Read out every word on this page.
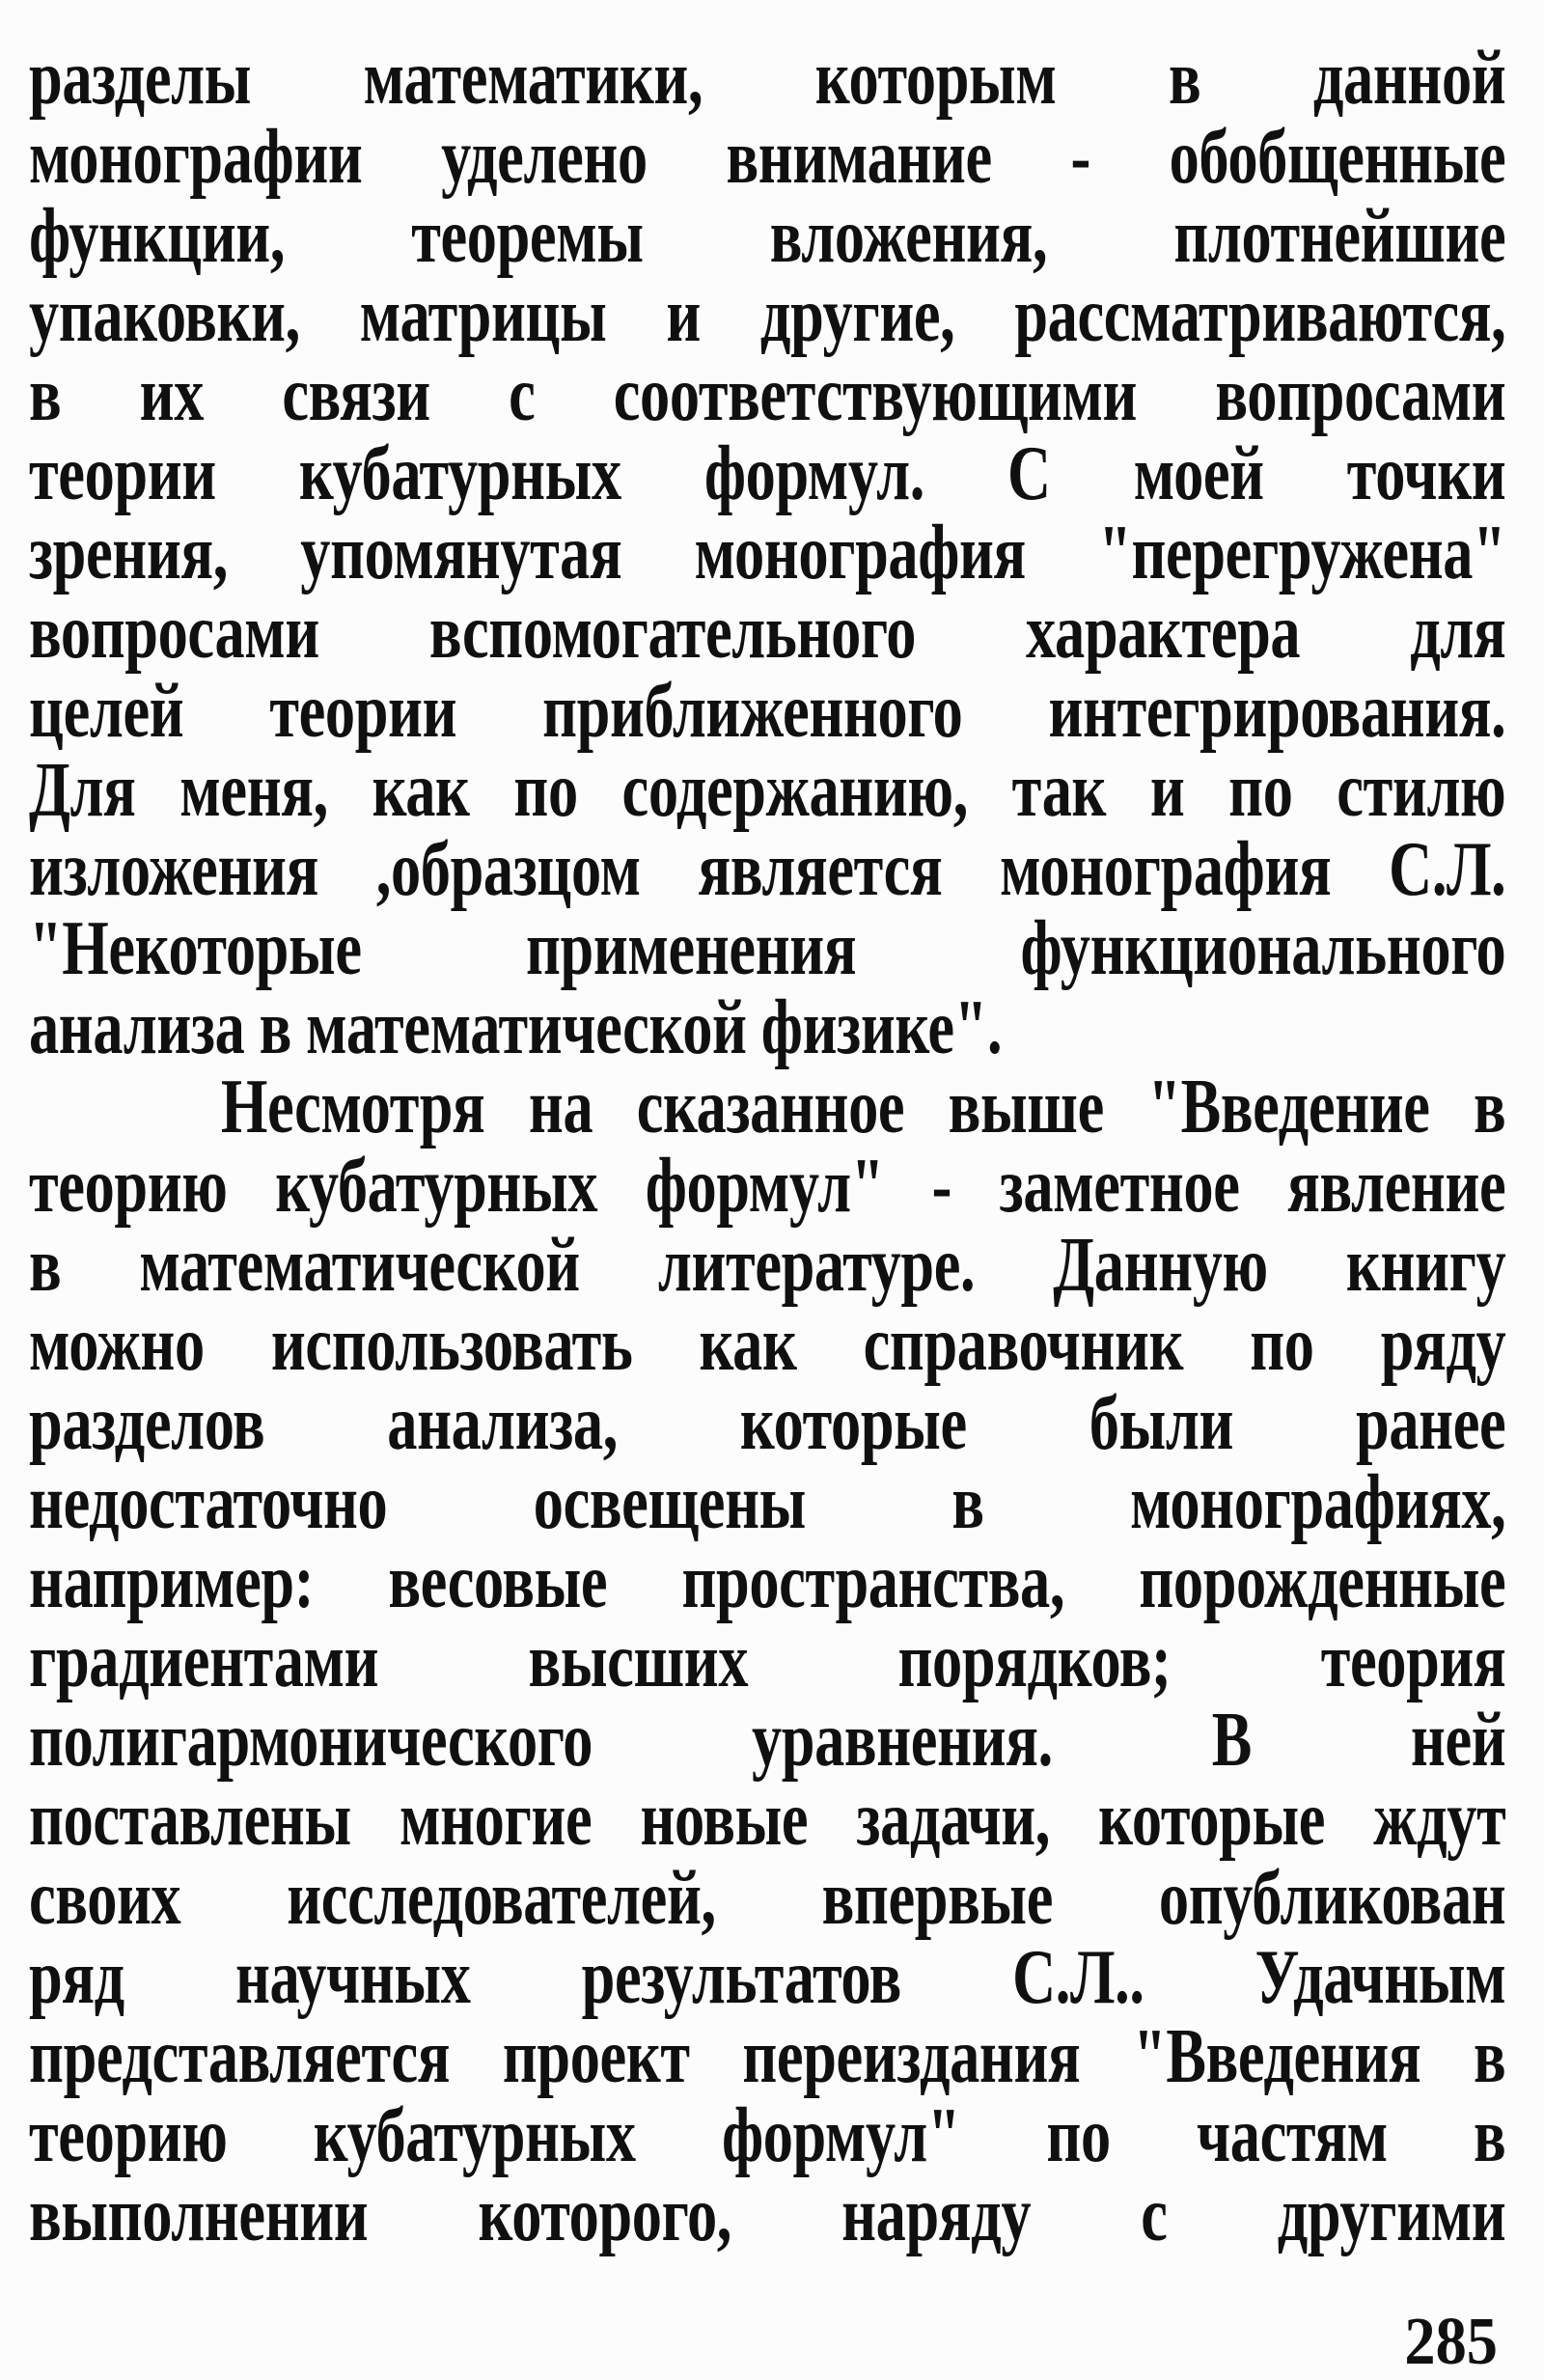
разделы математики, которым в данной
монографии уделено внимание - обобщенные
функции, теоремы вложения, плотнейшие
упаковки, матрицы и другие, рассматриваются,
в их связи с соответствующими вопросами
теории кубатурных формул. С моей точки
зрения, упомянутая монография "перегружена"
вопросами вспомогательного характера для
целей теории приближенного интегрирования.
Для меня, как по содержанию, так и по стилю
изложения ,образцом является монография С.Л.
"Некоторые применения функционального
анализа в математической физике".
Несмотря на сказанное выше "Введение в
теорию кубатурных формул" - заметное явление
в математической литературе. Данную книгу
можно использовать как справочник по ряду
разделов анализа, которые были ранее
недостаточно освещены в монографиях,
например: весовые пространства, порожденные
градиентами высших порядков; теория
полигармонического уравнения. В ней
поставлены многие новые задачи, которые ждут
своих исследователей, впервые опубликован
ряд научных результатов С.Л.. Удачным
представляется проект переиздания "Введения в
теорию кубатурных формул" по частям в
выполнении которого, наряду с другими
285
